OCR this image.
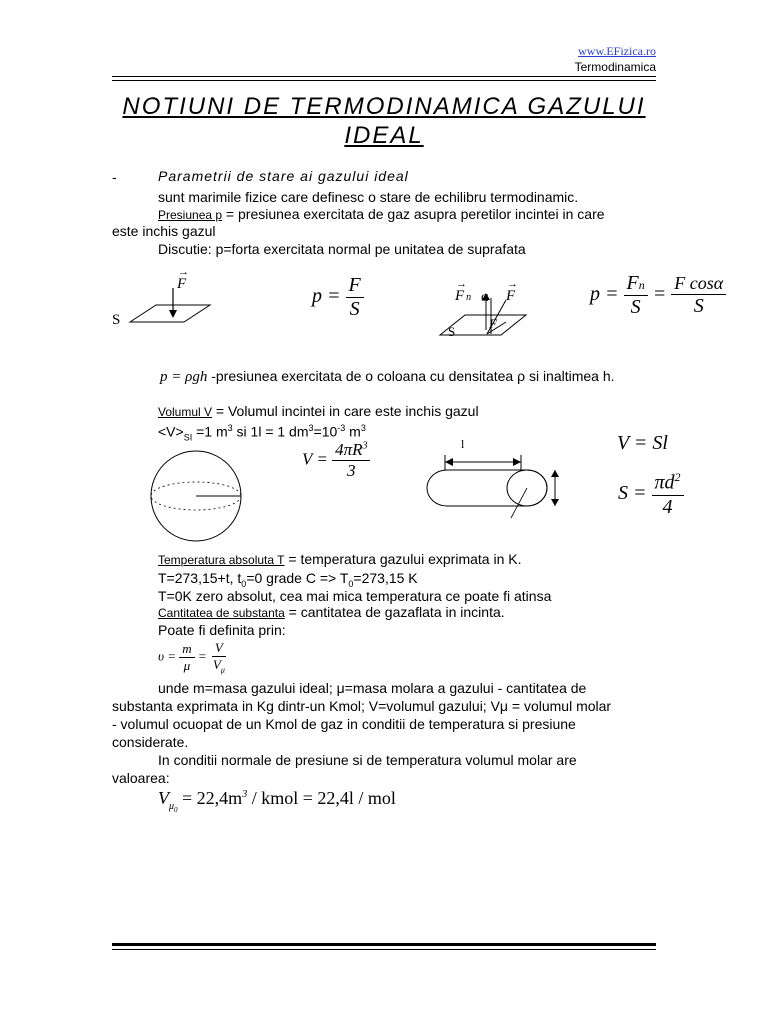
www.EFizica.ro
Termodinamica
NOTIUNI DE TERMODINAMICA GAZULUI
IDEAL
-	Parametrii de stare ai gazului ideal
sunt marimile fizice care definesc o stare de echilibru termodinamic.
Presiunea p = presiunea exercitata de gaz asupra peretilor incintei in care
este inchis gazul
Discutie: p=forta exercitata normal pe unitatea de suprafata
→
F
S
$p = \frac{F}{S}$	→
F n α
→
F
S
F
$p = \frac{Fn}{S} = \frac{\text{F cosα}}{S}$
p = ρgh -presiunea exercitata de o coloana cu densitatea ρ si inaltimea h.
Volumul V = Volumul incintei in care este inchis gazul
$<V>_{SI} =1$ $m^3$ si 1l = 1 $dm^3=10^{-3}$ $m^3$
$V = \frac{4\pi R^3}{3}$	l	V = Sl
$S = \frac{\pi d^2}{4}$
Temperatura absoluta T = temperatura gazului exprimata in K.
T=273,15+t, $t_0=0$ grade $C => T_0=273,15$ K
T=0K zero absolut, cea mai mica temperatura ce poate fi atinsa
Cantitatea de substanta = cantitatea de gazaflata in incinta.
Poate fi definita prin:
$\upsilon = \frac{m}{\mu} = \frac{V}{V_\mu}$
unde m=masa gazului ideal; μ=masa molara a gazului - cantitatea de
substanta exprimata in Kg dintr-un Kmol; V=volumul gazului; Vμ = volumul molar
- volumul ocuopat de un Kmol de gaz in conditii de temperatura si presiune
considerate.
In conditii normale de presiune si de temperatura volumul molar are
valoarea:
$V_{\mu_0} = 22,4m^3$ / kmol = 22,4l / mol
